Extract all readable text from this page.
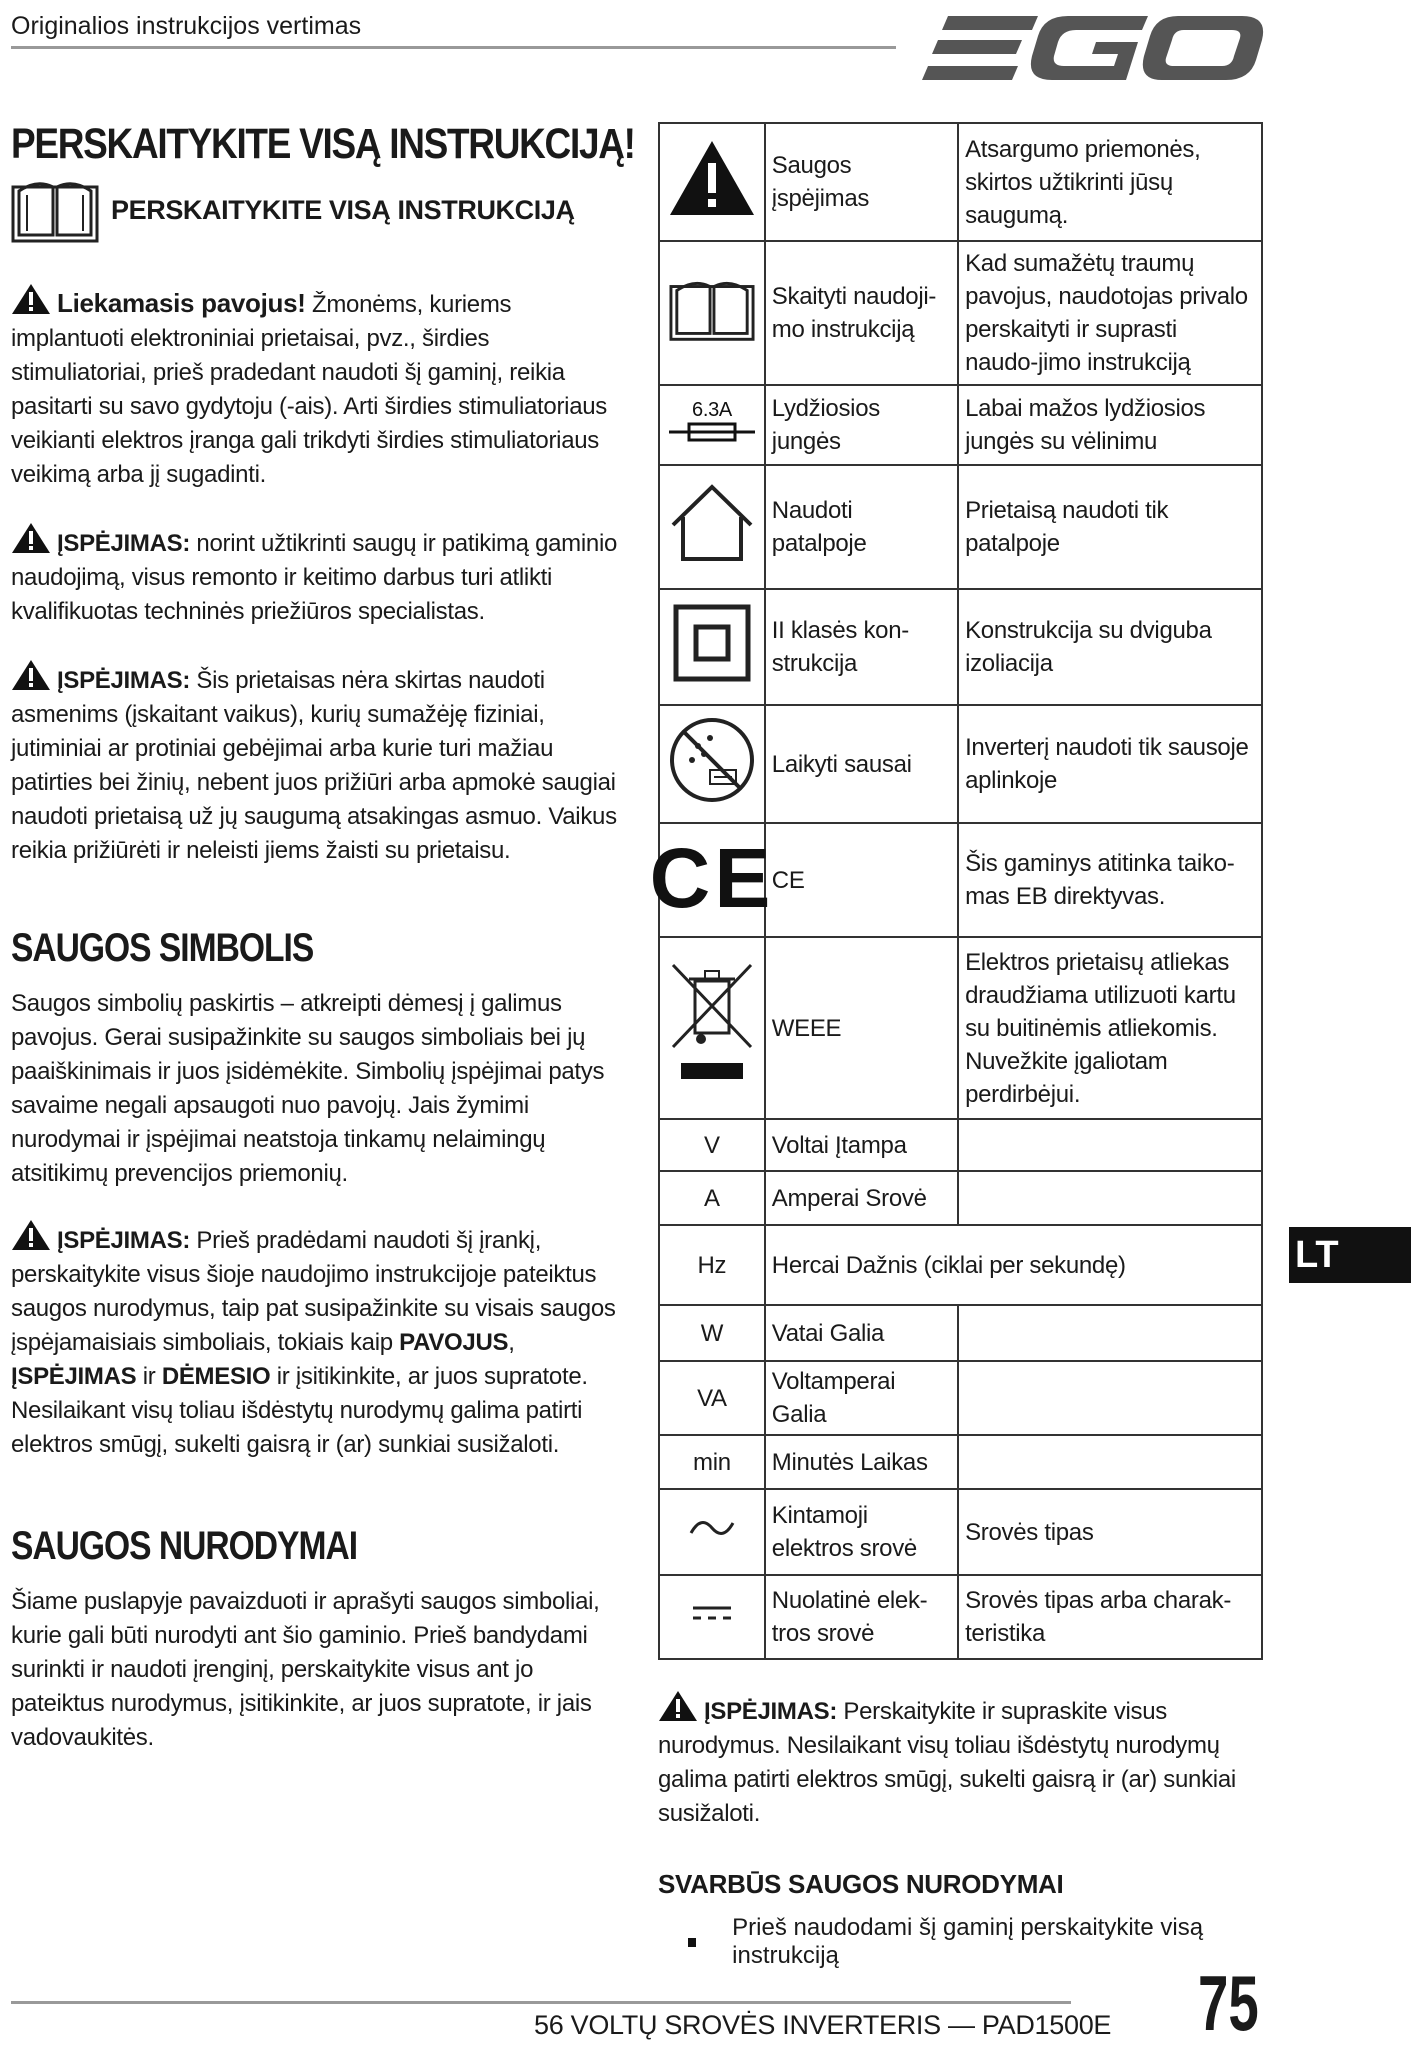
Originalios instrukcijos vertimas
PERSKAITYKITE VISĄ INSTRUKCIJĄ!
PERSKAITYKITE VISĄ INSTRUKCIJĄ

Liekamasis pavojus! Žmonėms, kuriems implantuoti elektroniniai prietaisai, pvz., širdies stimuliatoriai, prieš pradedant naudoti šį gaminį, reikia pasitarti su savo gydytoju (-ais). Arti širdies stimuliatoriaus veikianti elektros įranga gali trikdyti širdies stimuliatoriaus veikimą arba jį sugadinti.

ĮSPĖJIMAS: norint užtikrinti saugų ir patikimą gaminio naudojimą, visus remonto ir keitimo darbus turi atlikti kvalifikuotas techninės priežiūros specialistas.

ĮSPĖJIMAS: Šis prietaisas nėra skirtas naudoti asmenims (įskaitant vaikus), kurių sumažėję fiziniai, jutiminiai ar protiniai gebėjimai arba kurie turi mažiau patirties bei žinių, nebent juos prižiūri arba apmokė saugiai naudoti prietaisą už jų saugumą atsakingas asmuo. Vaikus reikia prižiūrėti ir neleisti jiems žaisti su prietaisu.

SAUGOS SIMBOLIS

Saugos simbolių paskirtis – atkreipti dėmesį į galimus pavojus. Gerai susipažinkite su saugos simboliais bei jų paaiškinimais ir juos įsidėmėkite. Simbolių įspėjimai patys savaime negali apsaugoti nuo pavojų. Jais žymimi nurodymai ir įspėjimai neatstoja tinkamų nelaimingų atsitikimų prevencijos priemonių.

ĮSPĖJIMAS: Prieš pradėdami naudoti šį įrankį, perskaitykite visus šioje naudojimo instrukcijoje pateiktus saugos nurodymus, taip pat susipažinkite su visais saugos įspėjamaisiais simboliais, tokiais kaip PAVOJUS, ĮSPĖJIMAS ir DĖMESIO ir įsitikinkite, ar juos supratote. Nesilaikant visų toliau išdėstytų nurodymų galima patirti elektros smūgį, sukelti gaisrą ir (ar) sunkiai susižaloti.

SAUGOS NURODYMAI

Šiame puslapyje pavaizduoti ir aprašyti saugos simboliai, kurie gali būti nurodyti ant šio gaminio. Prieš bandydami surinkti ir naudoti įrenginį, perskaitykite visus ant jo pateiktus nurodymus, įsitikinkite, ar juos supratote, ir jais vadovaukitės.

	Saugos įspėjimas	Atsargumo priemonės, skirtos užtikrinti jūsų saugumą.
	Skaityti naudoji-mo instrukciją	Kad sumažėtų traumų pavojus, naudotojas privalo perskaityti ir suprasti naudo-jimo instrukciją

6.3A	Lydžiosios jungės	Labai mažos lydžiosios jungės su vėlinimu
	Naudoti patalpoje	Prietaisą naudoti tik patalpoje
	II klasės kon-strukcija	Konstrukcija su dviguba izoliacija
	Laikyti sausai	Inverterį naudoti tik sausoje aplinkoje

CE	CE	Šis gaminys atitinka taiko-mas EB direktyvas.
	WEEE	Elektros prietaisų atliekas draudžiama utilizuoti kartu su buitinėmis atliekomis. Nuvežkite įgaliotam perdirbėjui.
V	Voltai Įtampa	
A	Amperai Srovė	
Hz	Hercai Dažnis (ciklai per sekundę)	
W	Vatai Galia	
VA	Voltamperai Galia	
min	Minutės Laikas	
	Kintamoji elektros srovė	Srovės tipas
	Nuolatinė elek-tros srovė	Srovės tipas arba charak-teristika

ĮSPĖJIMAS: Perskaitykite ir supraskite visus nurodymus. Nesilaikant visų toliau išdėstytų nurodymų galima patirti elektros smūgį, sukelti gaisrą ir (ar) sunkiai susižaloti.

SVARBŪS SAUGOS NURODYMAI
Prieš naudodami šį gaminį perskaitykite visą instrukciją
LT
56 VOLTŲ SROVĖS INVERTERIS — PAD1500E 75
